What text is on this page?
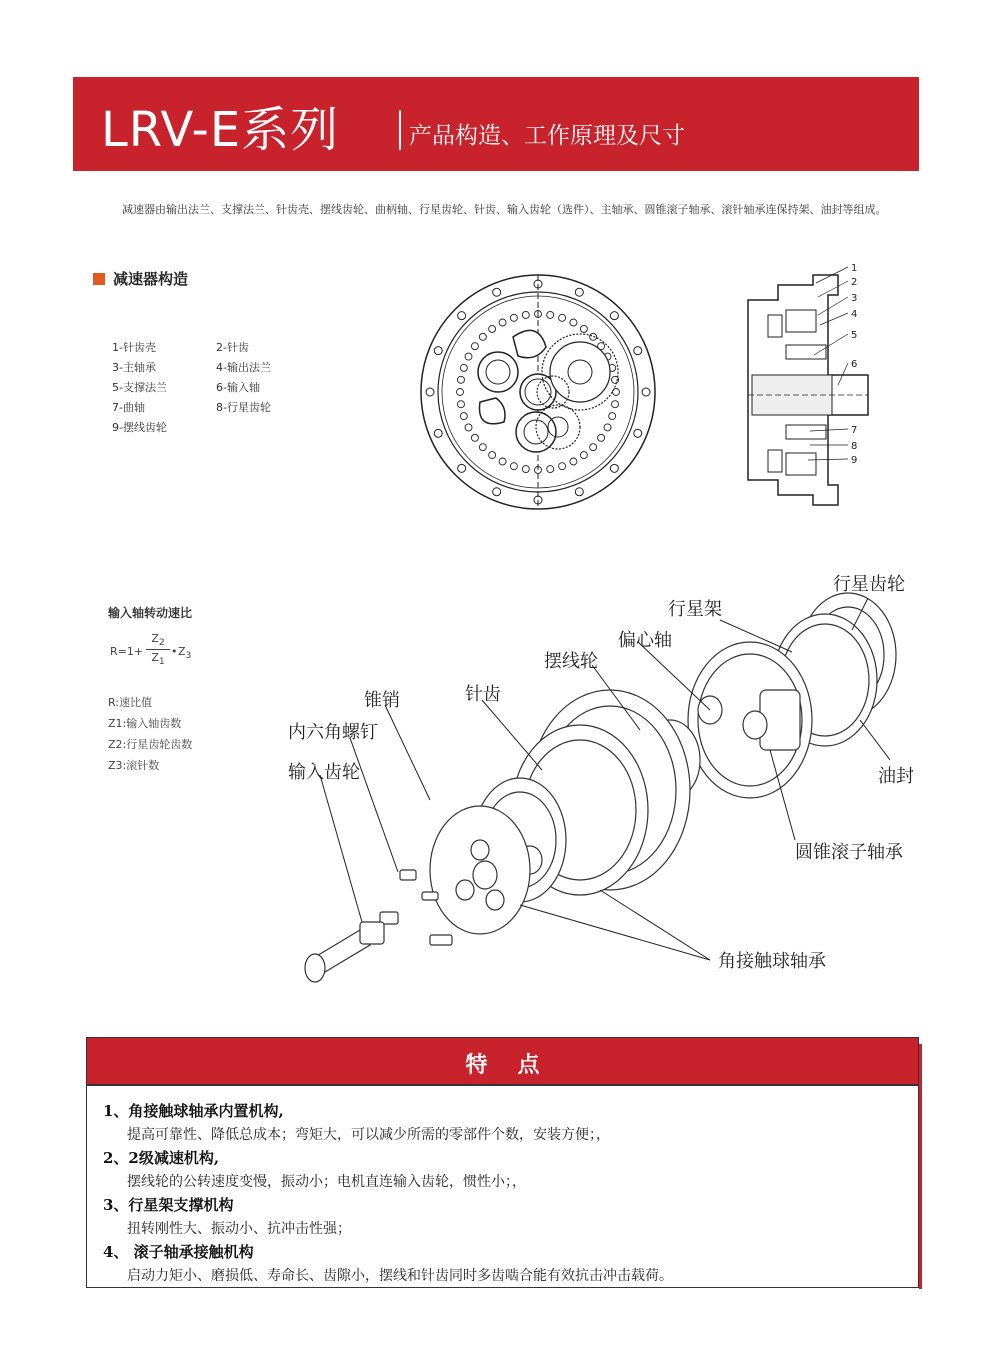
LRV-E系列	产品构造、工作原理及尺寸

减速器由输出法兰、支撑法兰、针齿壳、摆线齿轮、曲柄轴、行星齿轮、针齿、输入齿轮（选件）、主轴承、圆锥滚子轴承、滚针轴承连保持架、油封等组成。

减速器构造
1-针齿壳	2-针齿
3-主轴承	4-输出法兰
5-支撑法兰	6-输入轴
7-曲轴	8-行星齿轮
9-摆线齿轮
1
2
3
4
5
6
7
8
9
输入轴转动速比
R=1+
$Z_2$
$Z_1$
• $Z_3$
R:速比值
Z1:输入轴齿数
Z2:行星齿轮齿数
Z3:滚针数
行星齿轮
行星架
偏心轴
摆线轮
针齿
锥销
内六角螺钉
输入齿轮	油封
圆锥滚子轴承
角接触球轴承
特点
1、角接触球轴承内置机构,
提高可靠性、降低总成本；弯矩大，可以减少所需的零部件个数，安装方便；，
2、2级减速机构,
摆线轮的公转速度变慢，振动小；电机直连输入齿轮，惯性小；，
3、行星架支撑机构
扭转刚性大、振动小、抗冲击性强；
4、 滚子轴承接触机构
启动力矩小、磨损低、寿命长、齿隙小，摆线和针齿同时多齿啮合能有效抗击冲击载荷。
